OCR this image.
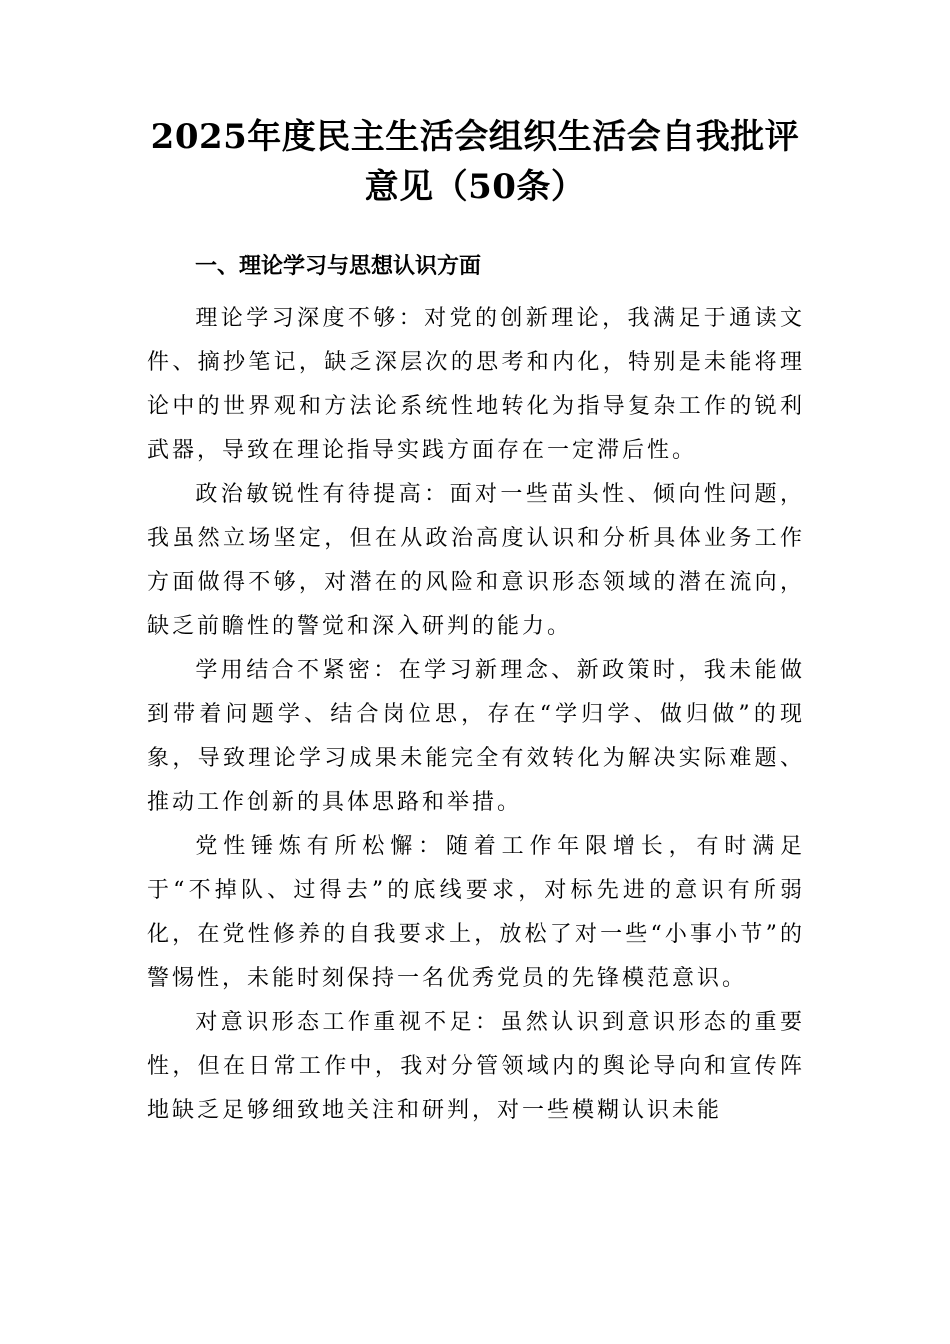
2025年度民主生活会组织生活会自我批评
意见（50条）
一、理论学习与思想认识方面

理论学习深度不够：对党的创新理论，我满足于通读文件、摘抄笔记，缺乏深层次的思考和内化，特别是未能将理论中的世界观和方法论系统性地转化为指导复杂工作的锐利武器，导致在理论指导实践方面存在一定滞后性。

政治敏锐性有待提高：面对一些苗头性、倾向性问题，我虽然立场坚定，但在从政治高度认识和分析具体业务工作方面做得不够，对潜在的风险和意识形态领域的潜在流向，缺乏前瞻性的警觉和深入研判的能力。

学用结合不紧密：在学习新理念、新政策时，我未能做到带着问题学、结合岗位思，存在“学归学、做归做”的现象，导致理论学习成果未能完全有效转化为解决实际难题、推动工作创新的具体思路和举措。

党性锤炼有所松懈：随着工作年限增长，有时满足于“不掉队、过得去”的底线要求，对标先进的意识有所弱化，在党性修养的自我要求上，放松了对一些“小事小节”的警惕性，未能时刻保持一名优秀党员的先锋模范意识。

对意识形态工作重视不足：虽然认识到意识形态的重要性，但在日常工作中，我对分管领域内的舆论导向和宣传阵地缺乏足够细致地关注和研判，对一些模糊认识未能
